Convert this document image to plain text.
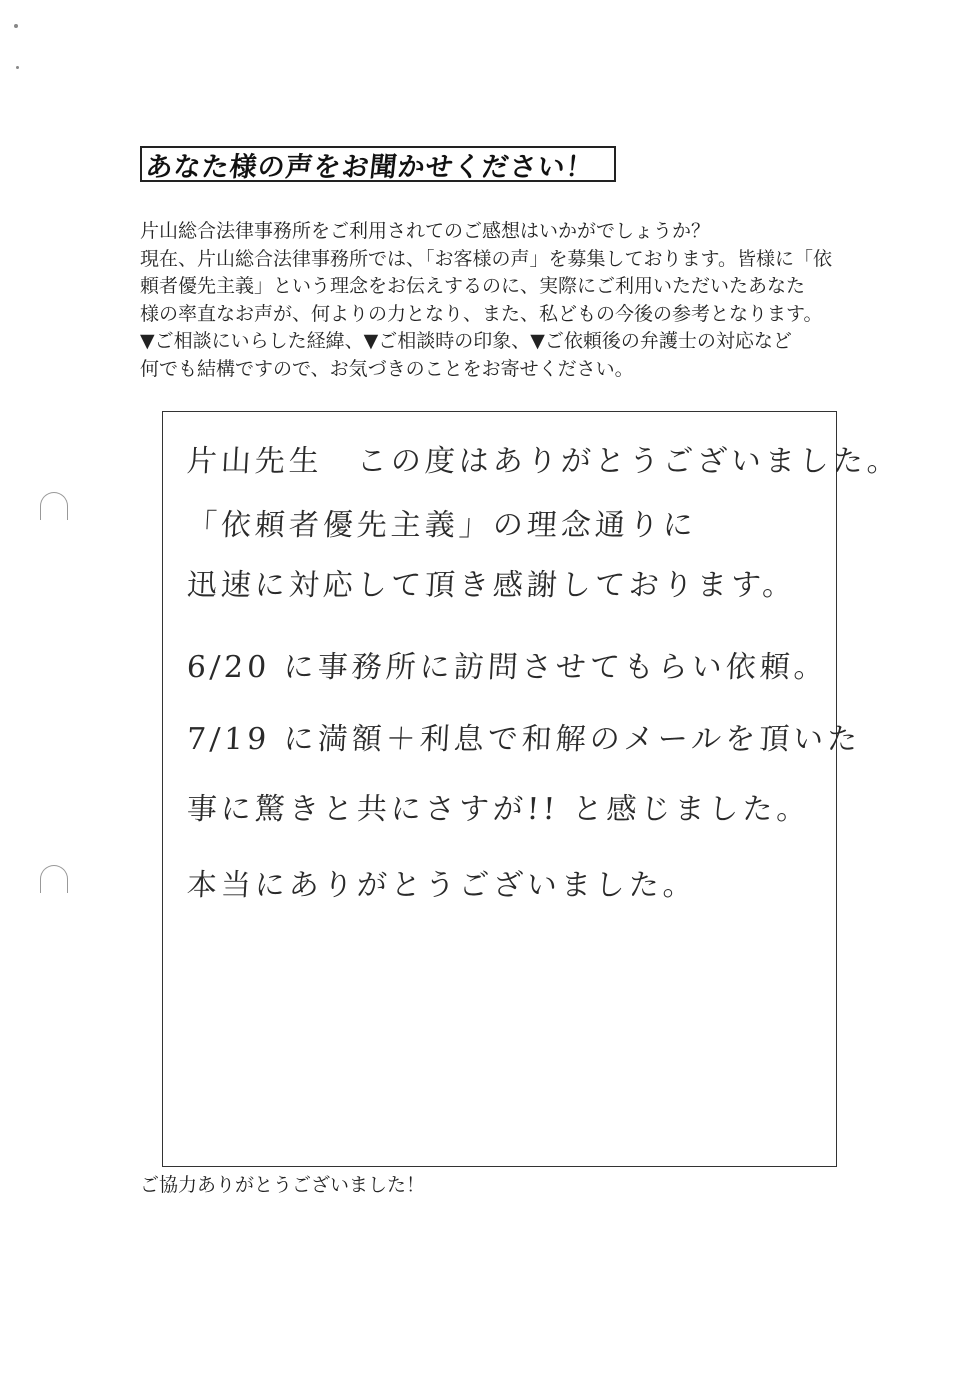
あなた様の声をお聞かせください！
片山総合法律事務所をご利用されてのご感想はいかがでしょうか？
現在、片山総合法律事務所では、「お客様の声」を募集しております。皆様に「依
頼者優先主義」という理念をお伝えするのに、実際にご利用いただいたあなた
様の率直なお声が、何よりの力となり、また、私どもの今後の参考となります。
▼ご相談にいらした経緯、▼ご相談時の印象、▼ご依頼後の弁護士の対応など
何でも結構ですので、お気づきのことをお寄せください。
片山先生　この度はありがとうございました。
「依頼者優先主義」の理念通りに
迅速に対応して頂き感謝しております。
6/20 に事務所に訪問させてもらい依頼。
7/19 に満額＋利息で和解のメールを頂いた
事に驚きと共にさすが!! と感じました。
本当にありがとうございました。
ご協力ありがとうございました！
